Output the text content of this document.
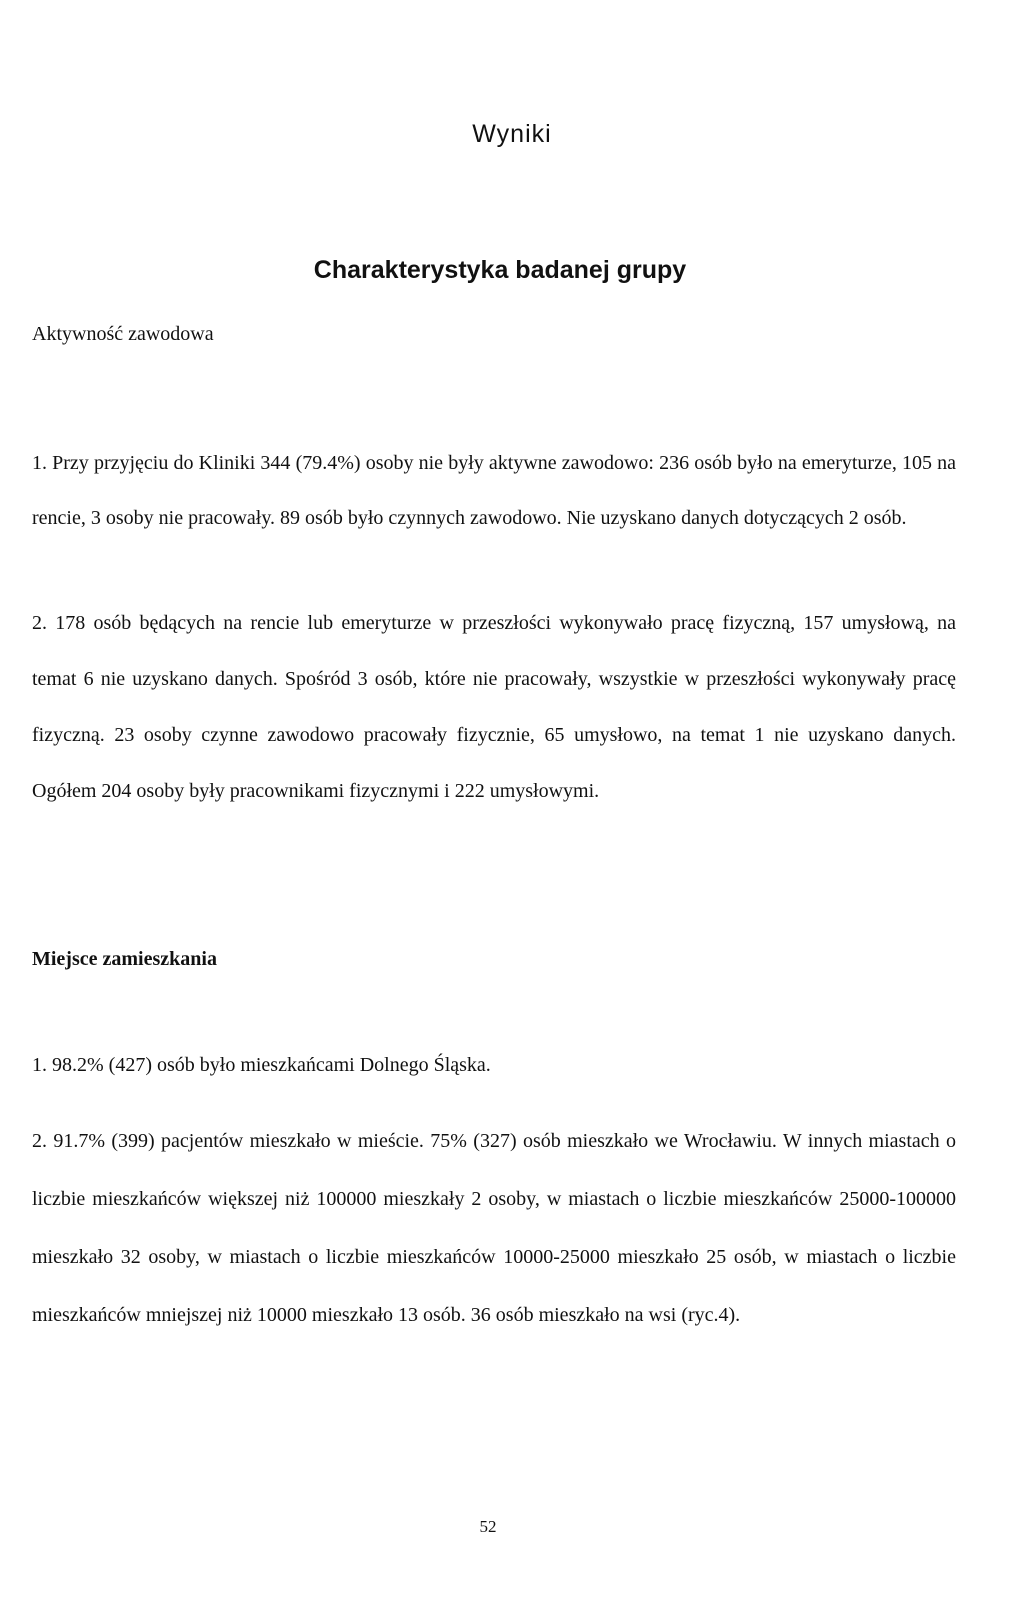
Wyniki
Charakterystyka badanej grupy
Aktywność zawodowa
1. Przy przyjęciu do Kliniki 344 (79.4%) osoby nie były aktywne zawodowo: 236 osób było na emeryturze, 105 na rencie, 3 osoby nie pracowały. 89 osób było czynnych zawodowo. Nie uzyskano danych dotyczących 2 osób.
2. 178 osób będących na rencie lub emeryturze w przeszłości wykonywało pracę fizyczną, 157 umysłową, na temat 6 nie uzyskano danych. Spośród 3 osób, które nie pracowały, wszystkie w przeszłości wykonywały pracę fizyczną. 23 osoby czynne zawodowo pracowały fizycznie, 65 umysłowo, na temat 1 nie uzyskano danych. Ogółem 204 osoby były pracownikami fizycznymi i 222 umysłowymi.
Miejsce zamieszkania
1. 98.2% (427) osób było mieszkańcami Dolnego Śląska.
2. 91.7% (399) pacjentów mieszkało w mieście. 75% (327) osób mieszkało we Wrocławiu. W innych miastach o liczbie mieszkańców większej niż 100000 mieszkały 2 osoby, w miastach o liczbie mieszkańców 25000-100000 mieszkało 32 osoby, w miastach o liczbie mieszkańców 10000-25000 mieszkało 25 osób, w miastach o liczbie mieszkańców mniejszej niż 10000 mieszkało 13 osób. 36 osób mieszkało na wsi (ryc.4).
52
